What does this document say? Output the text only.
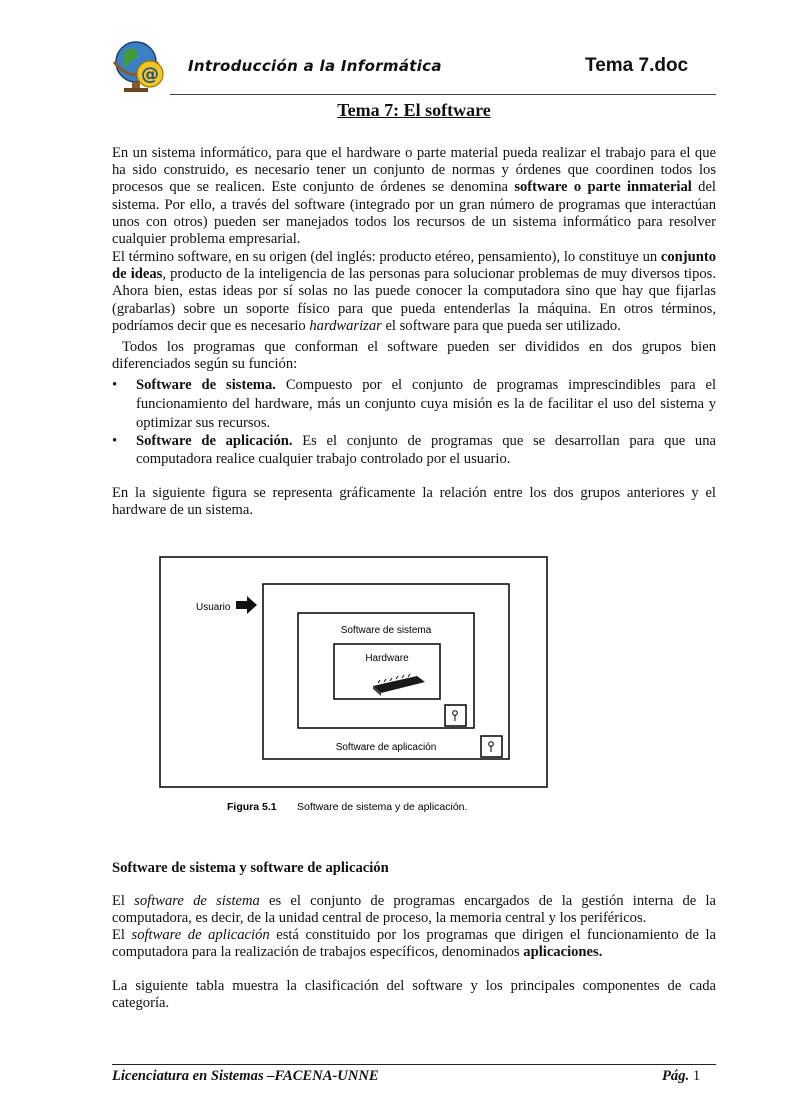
@ Introducción a la Informática	Tema 7.doc
Tema 7: El software
En un sistema informático, para que el hardware o parte material pueda realizar el trabajo para el que ha sido construido, es necesario tener un conjunto de normas y órdenes que coordinen todos los procesos que se realicen. Este conjunto de órdenes se denomina software o parte inmaterial del sistema. Por ello, a través del software (integrado por un gran número de programas que interactúan unos con otros) pueden ser manejados todos los recursos de un sistema informático para resolver cualquier problema empresarial.
El término software, en su origen (del inglés: producto etéreo, pensamiento), lo constituye un conjunto de ideas, producto de la inteligencia de las personas para solucionar problemas de muy diversos tipos. Ahora bien, estas ideas por sí solas no las puede conocer la computadora sino que hay que fijarlas (grabarlas) sobre un soporte físico para que pueda entenderlas la máquina. En otros términos, podríamos decir que es necesario hardwarizar el software para que pueda ser utilizado.
Todos los programas que conforman el software pueden ser divididos en dos grupos bien diferenciados según su función:
• Software de sistema. Compuesto por el conjunto de programas imprescindibles para el funcionamiento del hardware, más un conjunto cuya misión es la de facilitar el uso del sistema y optimizar sus recursos.
• Software de aplicación. Es el conjunto de programas que se desarrollan para que una computadora realice cualquier trabajo controlado por el usuario.
En la siguiente figura se representa gráficamente la relación entre los dos grupos anteriores y el hardware de un sistema.
Usuario
Software de sistema
Hardware
Software de aplicación
Figura 5.1 Software de sistema y de aplicación.
Software de sistema y software de aplicación
El software de sistema es el conjunto de programas encargados de la gestión interna de la computadora, es decir, de la unidad central de proceso, la memoria central y los periféricos.
El software de aplicación está constituido por los programas que dirigen el funcionamiento de la computadora para la realización de trabajos específicos, denominados aplicaciones.
La siguiente tabla muestra la clasificación del software y los principales componentes de cada categoría.
Licenciatura en Sistemas –FACENA-UNNE	Pág. 1
